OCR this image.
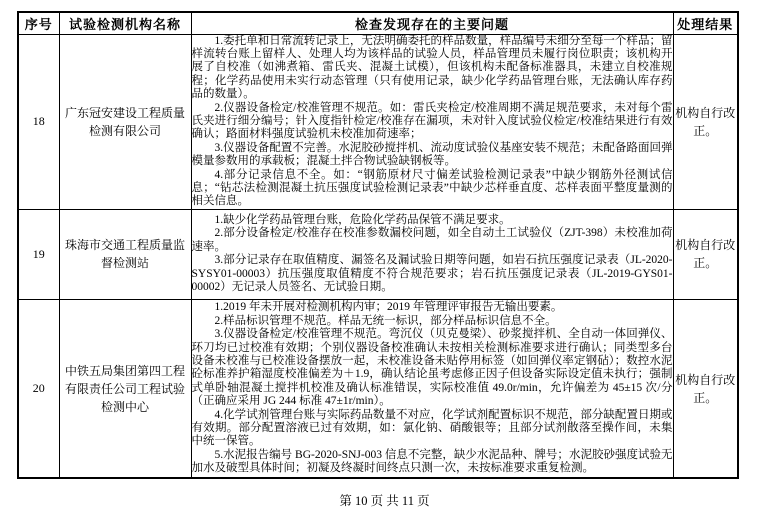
序号	试验检测机构名称	检查发现存在的主要问题	处理结果
18	广东冠安建设工程质量检测有限公司	1.委托单和日常流转记录上，无法明确委托的样品数量，样品编号未细分至每一个样品；留样流转台账上留样人、处理人均为该样品的试验人员，样品管理员未履行岗位职责；该机构开展了自校准（如沸煮箱、雷氏夹、混凝土试模），但该机构未配备标准器具，未建立自校准规程；化学药品使用未实行动态管理（只有使用记录，缺少化学药品管理台账，无法确认库存药品的数量）。

2.仪器设备检定/校准管理不规范。如：雷氏夹检定/校准周期不满足规范要求，未对每个雷氏夹进行细分编号；针入度指针检定/校准存在漏项，未对针入度试验仪检定/校准结果进行有效确认；路面材料强度试验机未校准加荷速率；

3.仪器设备配置不完善。水泥胶砂搅拌机、流动度试验仪基座安装不规范；未配备路面回弹模量参数用的承载板；混凝土拌合物试验缺钢板等。

4.部分记录信息不全。如：“钢筋原材尺寸偏差试验检测记录表”中缺少钢筋外径测试信息；“钻芯法检测混凝土抗压强度试验检测记录表”中缺少芯样垂直度、芯样表面平整度量测的相关信息。	机构自行改正。
19	珠海市交通工程质量监督检测站	1.缺少化学药品管理台账，危险化学药品保管不满足要求。

2.部分设备检定/校准存在校准参数漏校问题，如全自动土工试验仪（ZJT-398）未校准加荷速率。

3.部分记录存在取值精度、漏签名及漏试验日期等问题，如岩石抗压强度记录表（JL-2020-SYSY01-00003）抗压强度取值精度不符合规范要求；岩石抗压强度记录表（JL-2019-GYS01-00002）无记录人员签名、无试验日期。	机构自行改正。
20	中铁五局集团第四工程有限责任公司工程试验检测中心	1.2019 年未开展对检测机构内审；2019 年管理评审报告无输出要素。

2.样品标识管理不规范。样品无统一标识，部分样品标识信息不全。

3.仪器设备检定/校准管理不规范。弯沉仪（贝克曼梁）、砂浆搅拌机、全自动一体回弹仪、环刀均已过校准有效期；个别仪器设备校准确认未按相关检测标准要求进行确认；同类型多台设备未校准与已校准设备摆放一起，未校准设备未贴停用标签（如回弹仪率定钢砧）；数控水泥砼标准养护箱湿度校准偏差为＋1.9，确认结论虽考虑修正因子但设备实际设定值未执行；强制式单卧轴混凝土搅拌机校准及确认标准错误，实际校准值 49.0r/min，允许偏差为 45±15 次/分（正确应采用 JG 244 标准 47±1r/min）。

4.化学试剂管理台账与实际药品数量不对应，化学试剂配置标识不规范，部分缺配置日期或有效期。部分配置溶液已过有效期，如：氯化钠、硝酸银等；且部分试剂散落至操作间，未集中统一保管。

5.水泥报告编号 BG-2020-SNJ-003 信息不完整，缺少水泥品种、牌号；水泥胶砂强度试验无加水及破型具体时间；初凝及终凝时间终点只测一次，未按标准要求重复检测。	机构自行改正。
第 10 页 共 11 页
